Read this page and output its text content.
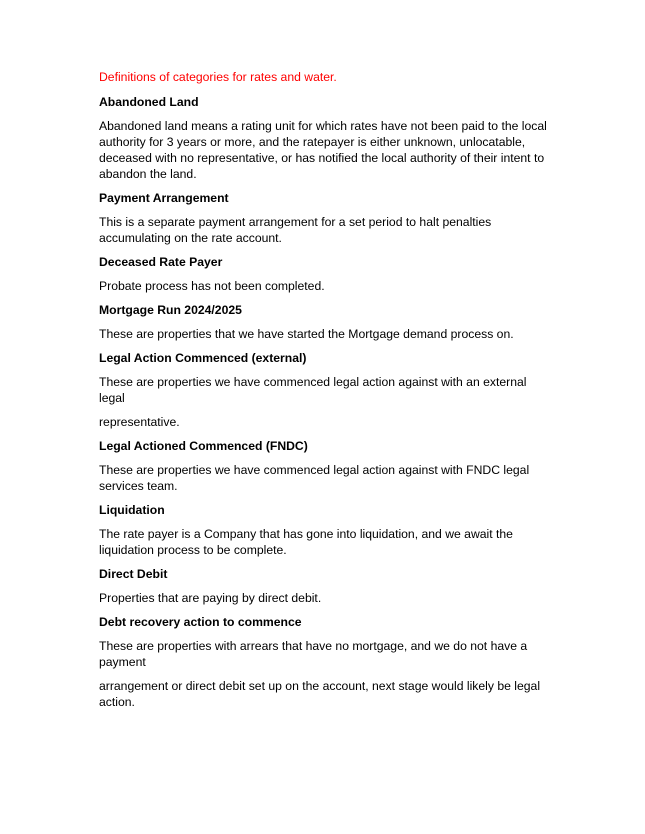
Definitions of categories for rates and water.

Abandoned Land

Abandoned land means a rating unit for which rates have not been paid to the local authority for 3 years or more, and the ratepayer is either unknown, unlocatable, deceased with no representative, or has notified the local authority of their intent to abandon the land.

Payment Arrangement

This is a separate payment arrangement for a set period to halt penalties accumulating on the rate account.

Deceased Rate Payer

Probate process has not been completed.

Mortgage Run 2024/2025

These are properties that we have started the Mortgage demand process on.

Legal Action Commenced (external)

These are properties we have commenced legal action against with an external legal

representative.

Legal Actioned Commenced (FNDC)

These are properties we have commenced legal action against with FNDC legal services team.

Liquidation

The rate payer is a Company that has gone into liquidation, and we await the liquidation process to be complete.

Direct Debit

Properties that are paying by direct debit.

Debt recovery action to commence

These are properties with arrears that have no mortgage, and we do not have a payment

arrangement or direct debit set up on the account, next stage would likely be legal action.
